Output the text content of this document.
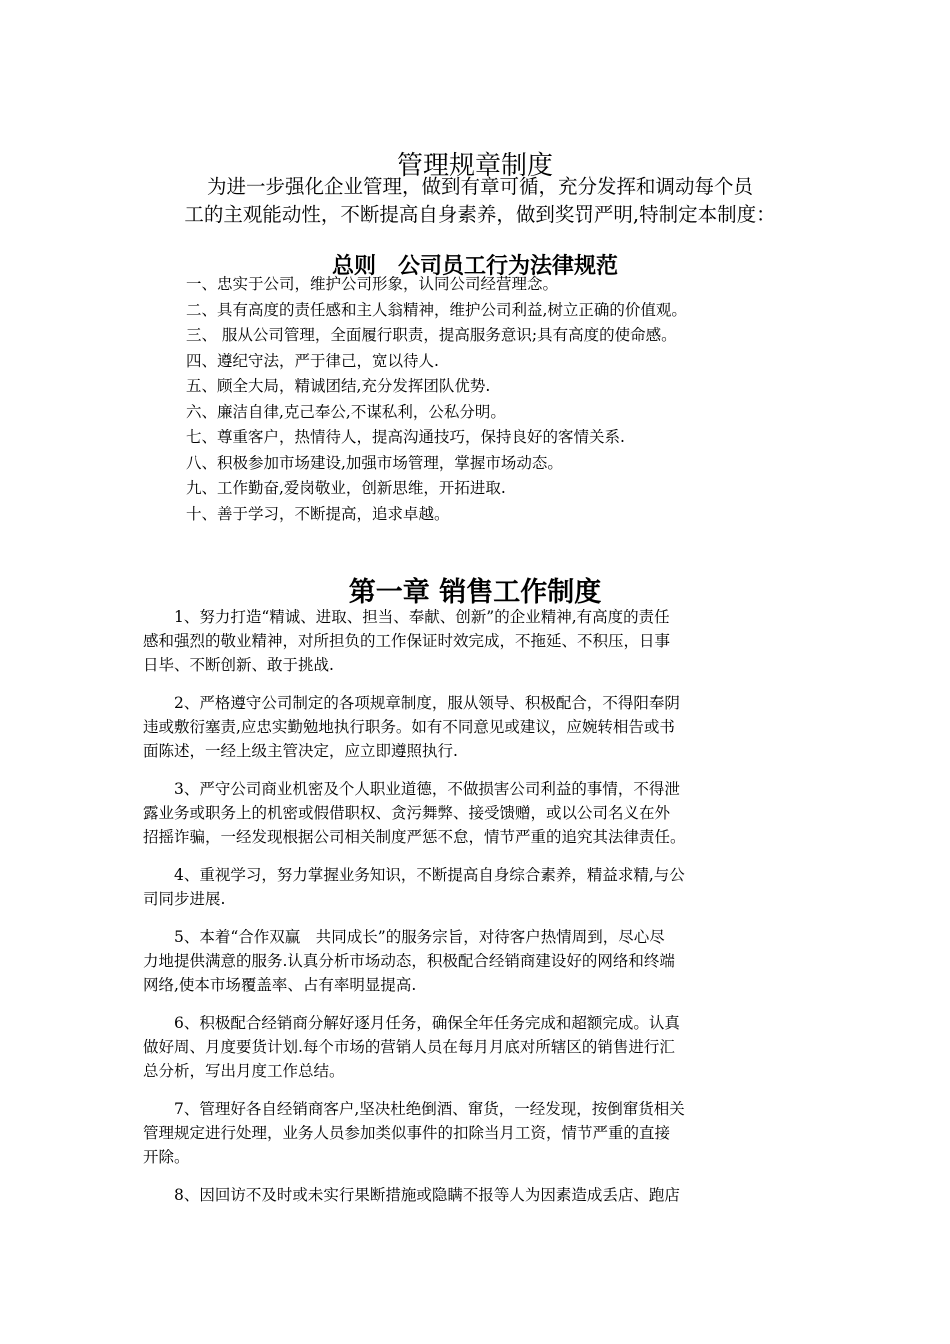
管理规章制度
为进一步强化企业管理，做到有章可循，充分发挥和调动每个员
工的主观能动性，不断提高自身素养，做到奖罚严明,特制定本制度：
总则　公司员工行为法律规范
一、忠实于公司，维护公司形象，认同公司经营理念。
二、具有高度的责任感和主人翁精神，维护公司利益,树立正确的价值观。
三、 服从公司管理，全面履行职责，提高服务意识;具有高度的使命感。
四、遵纪守法，严于律己，宽以待人.
五、顾全大局，精诚团结,充分发挥团队优势.
六、廉洁自律,克己奉公,不谋私利，公私分明。
七、尊重客户，热情待人，提高沟通技巧，保持良好的客情关系.
八、积极参加市场建设,加强市场管理，掌握市场动态。
九、工作勤奋,爱岗敬业，创新思维，开拓进取.
十、善于学习，不断提高，追求卓越。
第一章 销售工作制度

1、努力打造“精诚、进取、担当、奉献、创新”的企业精神,有高度的责任
感和强烈的敬业精神，对所担负的工作保证时效完成，不拖延、不积压，日事
日毕、不断创新、敢于挑战.

2、严格遵守公司制定的各项规章制度，服从领导、积极配合，不得阳奉阴
违或敷衍塞责,应忠实勤勉地执行职务。如有不同意见或建议，应婉转相告或书
面陈述，一经上级主管决定，应立即遵照执行.

3、严守公司商业机密及个人职业道德，不做损害公司利益的事情，不得泄
露业务或职务上的机密或假借职权、贪污舞弊、接受馈赠，或以公司名义在外
招摇诈骗，一经发现根据公司相关制度严惩不怠，情节严重的追究其法律责任。

4、重视学习，努力掌握业务知识，不断提高自身综合素养，精益求精,与公
司同步进展.

5、本着“合作双赢　共同成长”的服务宗旨，对待客户热情周到，尽心尽
力地提供满意的服务.认真分析市场动态，积极配合经销商建设好的网络和终端
网络,使本市场覆盖率、占有率明显提高.

6、积极配合经销商分解好逐月任务，确保全年任务完成和超额完成。认真
做好周、月度要货计划.每个市场的营销人员在每月月底对所辖区的销售进行汇
总分析，写出月度工作总结。

7、管理好各自经销商客户,坚决杜绝倒酒、窜货，一经发现，按倒窜货相关
管理规定进行处理，业务人员参加类似事件的扣除当月工资，情节严重的直接
开除。

8、因回访不及时或未实行果断措施或隐瞒不报等人为因素造成丢店、跑店
